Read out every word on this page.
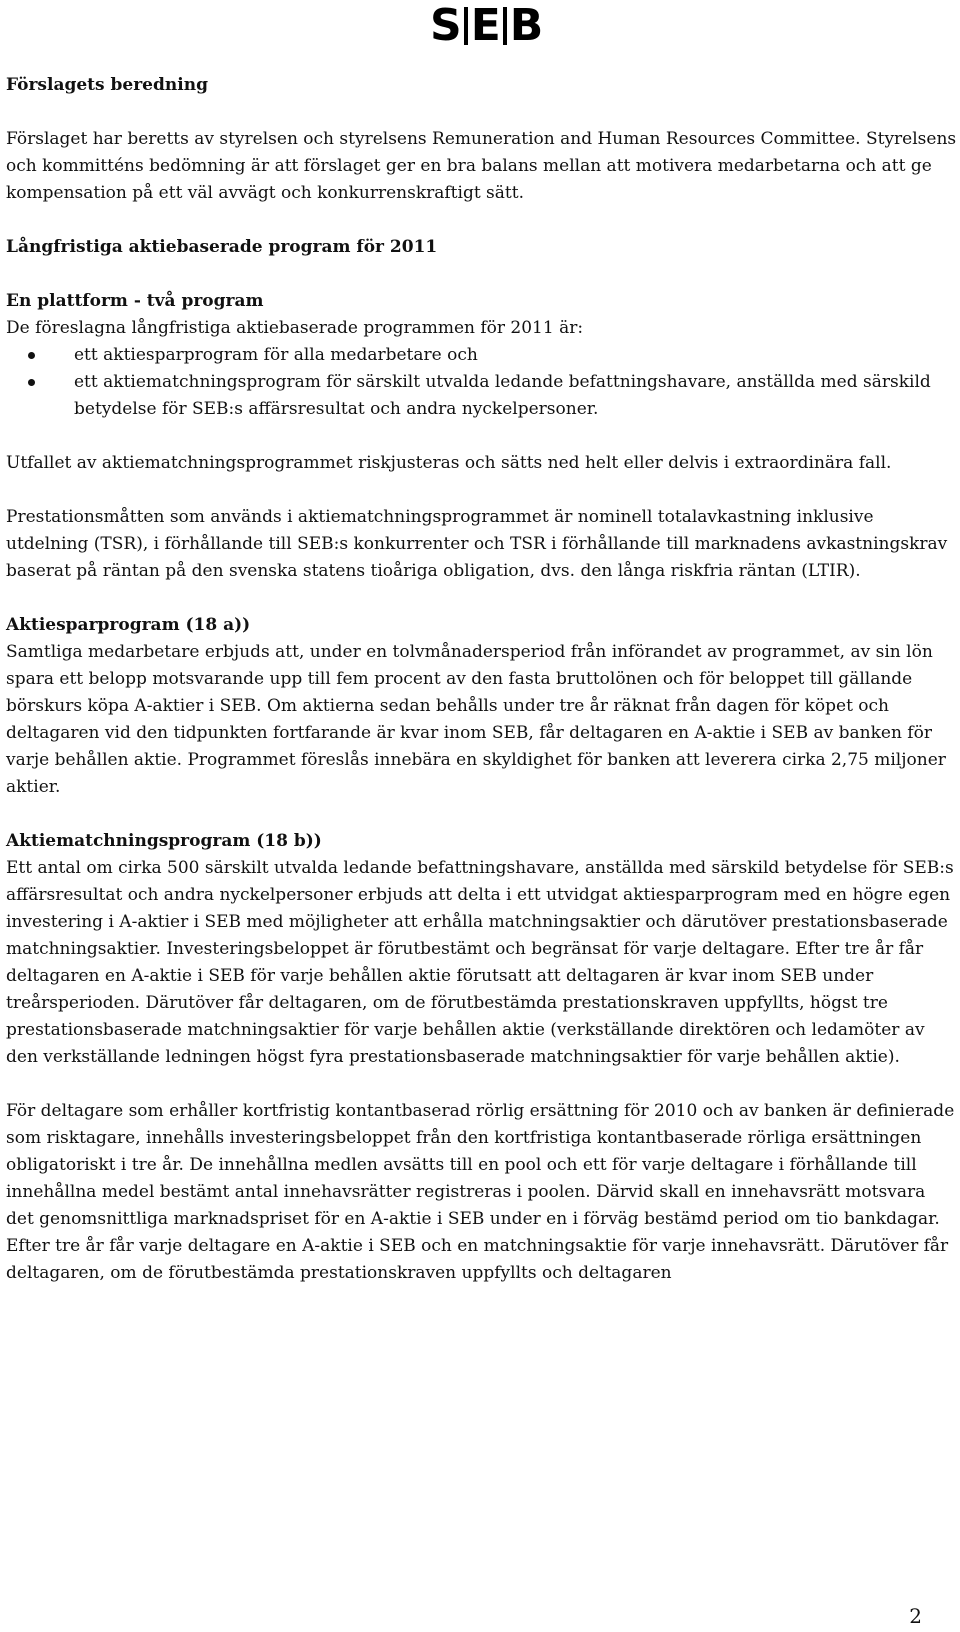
S E B
Förslagets beredning

Förslaget har beretts av styrelsen och styrelsens Remuneration and Human Resources Committee. Styrelsens och kommitténs bedömning är att förslaget ger en bra balans mellan att motivera medarbetarna och att ge kompensation på ett väl avvägt och konkurrenskraftigt sätt.

Långfristiga aktiebaserade program för 2011
En plattform - två program

De föreslagna långfristiga aktiebaserade programmen för 2011 är:

ett aktiesparprogram för alla medarbetare och
ett aktiematchningsprogram för särskilt utvalda ledande befattningshavare, anställda med särskild betydelse för SEB:s affärsresultat och andra nyckelpersoner.

Utfallet av aktiematchningsprogrammet riskjusteras och sätts ned helt eller delvis i extraordinära fall.

Prestationsmåtten som används i aktiematchningsprogrammet är nominell totalavkastning inklusive utdelning (TSR), i förhållande till SEB:s konkurrenter och TSR i förhållande till marknadens avkastningskrav baserat på räntan på den svenska statens tioåriga obligation, dvs. den långa riskfria räntan (LTIR).

Aktiesparprogram (18 a))

Samtliga medarbetare erbjuds att, under en tolvmånadersperiod från införandet av programmet, av sin lön spara ett belopp motsvarande upp till fem procent av den fasta bruttolönen och för beloppet till gällande börskurs köpa A-aktier i SEB. Om aktierna sedan behålls under tre år räknat från dagen för köpet och deltagaren vid den tidpunkten fortfarande är kvar inom SEB, får deltagaren en A-aktie i SEB av banken för varje behållen aktie. Programmet föreslås innebära en skyldighet för banken att leverera cirka 2,75 miljoner aktier.

Aktiematchningsprogram (18 b))

Ett antal om cirka 500 särskilt utvalda ledande befattningshavare, anställda med särskild betydelse för SEB:s affärsresultat och andra nyckelpersoner erbjuds att delta i ett utvidgat aktiesparprogram med en högre egen investering i A-aktier i SEB med möjligheter att erhålla matchningsaktier och därutöver prestationsbaserade matchningsaktier. Investeringsbeloppet är förutbestämt och begränsat för varje deltagare. Efter tre år får deltagaren en A-aktie i SEB för varje behållen aktie förutsatt att deltagaren är kvar inom SEB under treårsperioden. Därutöver får deltagaren, om de förutbestämda prestationskraven uppfyllts, högst tre prestationsbaserade matchningsaktier för varje behållen aktie (verkställande direktören och ledamöter av den verkställande ledningen högst fyra prestationsbaserade matchningsaktier för varje behållen aktie).

För deltagare som erhåller kortfristig kontantbaserad rörlig ersättning för 2010 och av banken är definierade som risktagare, innehålls investeringsbeloppet från den kortfristiga kontantbaserade rörliga ersättningen obligatoriskt i tre år. De innehållna medlen avsätts till en pool och ett för varje deltagare i förhållande till innehållna medel bestämt antal innehavsrätter registreras i poolen. Därvid skall en innehavsrätt motsvara det genomsnittliga marknadspriset för en A-aktie i SEB under en i förväg bestämd period om tio bankdagar. Efter tre år får varje deltagare en A-aktie i SEB och en matchningsaktie för varje innehavsrätt. Därutöver får deltagaren, om de förutbestämda prestationskraven uppfyllts och deltagaren

2
